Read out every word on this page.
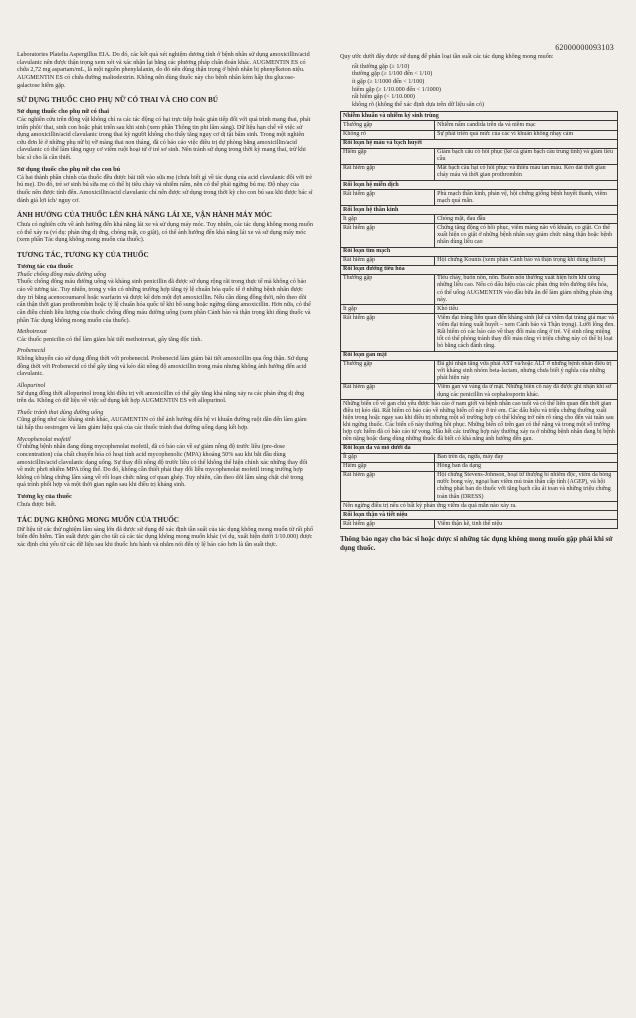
62000000093103

Laboratories Platelia Aspergillus EIA. Do đó, các kết quả xét nghiệm dương tính ở bệnh nhân sử dụng amoxicillin/acid clavulanic nên được thận trọng xem xét và xác nhận lại bằng các phương pháp chẩn đoán khác. AUGMENTIN ES có chứa 2,72 mg aspartam/mL, là một nguồn phenylalanin, do đó nên dùng thận trọng ở bệnh nhân bị phenylketon niệu. AUGMENTIN ES có chứa đường maltodextrin. Không nên dùng thuốc này cho bệnh nhân kém hấp thu glucose-galactose hiếm gặp.

SỬ DỤNG THUỐC CHO PHỤ NỮ CÓ THAI VÀ CHO CON BÚ
Sử dụng thuốc cho phụ nữ có thai

Các nghiên cứu trên động vật không chỉ ra các tác động có hại trực tiếp hoặc gián tiếp đối với quá trình mang thai, phát triển phôi/ thai, sinh con hoặc phát triển sau khi sinh (xem phần Thông tin phi lâm sàng). Dữ liệu hạn chế về việc sử dụng amoxicillin/acid clavulanic trong thai kỳ người không cho thấy tăng nguy cơ dị tật bẩm sinh. Trong một nghiên cứu đơn lẻ ở những phụ nữ bị vỡ màng thai non tháng, đã có báo cáo việc điều trị dự phòng bằng amoxicillin/acid clavulanic có thể làm tăng nguy cơ viêm ruột hoại tử ở trẻ sơ sinh. Nên tránh sử dụng trong thời kỳ mang thai, trừ khi bác sĩ cho là cần thiết.

Sử dụng thuốc cho phụ nữ cho con bú

Cả hai thành phần chính của thuốc đều được bài tiết vào sữa mẹ (chưa biết gì về tác dụng của acid clavulanic đối với trẻ bú mẹ). Do đó, trẻ sơ sinh bú sữa mẹ có thể bị tiêu chảy và nhiễm nấm, nên có thể phải ngừng bú mẹ. Độ nhạy của thuốc nên được tính đến. Amoxicillin/acid clavulanic chỉ nên được sử dụng trong thời kỳ cho con bú sau khi được bác sĩ đánh giá lợi ích/ nguy cơ.

ẢNH HƯỞNG CỦA THUỐC LÊN KHẢ NĂNG LÁI XE, VẬN HÀNH MÁY MÓC

Chưa có nghiên cứu về ảnh hưởng đến khả năng lái xe và sử dụng máy móc. Tuy nhiên, các tác dụng không mong muốn có thể xảy ra (ví dụ: phản ứng dị ứng, chóng mặt, co giật), có thể ảnh hưởng đến khả năng lái xe và sử dụng máy móc (xem phần Tác dụng không mong muốn của thuốc).

TƯƠNG TÁC, TƯƠNG KỴ CỦA THUỐC
Tương tác của thuốc
Thuốc chống đông máu đường uống

Thuốc chống đông máu đường uống và kháng sinh penicillin đã được sử dụng rộng rãi trong thực tế mà không có báo cáo về tương tác. Tuy nhiên, trong y văn có những trường hợp tăng tỷ lệ chuẩn hóa quốc tế ở những bệnh nhân được duy trì bằng acenocoumarol hoặc warfarin và được kê đơn một đợt amoxicillin. Nếu cần dùng đồng thời, nên theo dõi cẩn thận thời gian prothrombin hoặc tỷ lệ chuẩn hóa quốc tế khi bổ sung hoặc ngừng dùng amoxicillin. Hơn nữa, có thể cần điều chỉnh liều lượng của thuốc chống đông máu đường uống (xem phần Cảnh báo và thận trọng khi dùng thuốc và phần Tác dụng không mong muốn của thuốc).

Methotrexat

Các thuốc penicilin có thể làm giảm bài tiết methotrexat, gây tăng độc tính.

Probenecid

Không khuyến cáo sử dụng đồng thời với probenecid. Probenecid làm giảm bài tiết amoxicillin qua ống thận. Sử dụng đồng thời với Probenecid có thể gây tăng và kéo dài nồng độ amoxicillin trong máu nhưng không ảnh hưởng đến acid clavulanic.

Allopurinol

Sử dụng đồng thời allopurinol trong khi điều trị với amoxicillin có thể gây tăng khả năng xảy ra các phản ứng dị ứng trên da. Không có dữ liệu về việc sử dụng kết hợp AUGMENTIN ES với allopurinol.

Thuốc tránh thai dùng đường uống

Cũng giống như các kháng sinh khác, AUGMENTIN có thể ảnh hưởng đến hệ vi khuẩn đường ruột dẫn đến làm giảm tái hấp thu oestrogen và làm giảm hiệu quả của các thuốc tránh thai đường uống dạng kết hợp.

Mycophenolat mofetil

Ở những bệnh nhân đang dùng mycophenolat mofetil, đã có báo cáo về sự giảm nồng độ trước liều (pre-dose concentration) của chất chuyển hóa có hoạt tính acid mycophenolic (MPA) khoảng 50% sau khi bắt đầu dùng amoxicillin/acid clavulanic dạng uống. Sự thay đổi nồng độ trước liều có thể không thể hiện chính xác những thay đổi về mức phơi nhiễm MPA tổng thể. Do đó, không cần thiết phải thay đổi liều mycophenolat mofetil trong trường hợp không có bằng chứng lâm sàng về rối loạn chức năng cơ quan ghép. Tuy nhiên, cần theo dõi lâm sàng chặt chẽ trong quá trình phối hợp và một thời gian ngắn sau khi điều trị kháng sinh.

Tương kỵ của thuốc

Chưa được biết.

TÁC DỤNG KHÔNG MONG MUỐN CỦA THUỐC

Dữ liệu từ các thử nghiệm lâm sàng lớn đã được sử dụng để xác định tần suất của tác dụng không mong muốn từ rất phổ biến đến hiếm. Tần suất được gán cho tất cả các tác dụng không mong muốn khác (ví dụ, xuất hiện dưới 1/10.000) được xác định chủ yếu từ các dữ liệu sau khi thuốc lưu hành và nhằm nói đến tỷ lệ báo cáo hơn là tần suất thực.

Quy ước dưới đây được sử dụng để phân loại tần suất các tác dụng không mong muốn:

rất thường gặp (≥ 1/10)
thường gặp (≥ 1/100 đến < 1/10)
ít gặp (≥ 1/1000 đến < 1/100)
hiếm gặp (≥ 1/10.000 đến < 1/1000)
rất hiếm gặp (< 1/10.000)
không rõ (không thể xác định dựa trên dữ liệu sẵn có)
Nhiễm khuẩn và nhiễm ký sinh trùng	
Thường gặp	Nhiễm nấm candida trên da và niêm mạc
Không rõ	Sự phát triển quá mức của các vi khuẩn không nhạy cảm
Rối loạn hệ máu và bạch huyết	
Hiếm gặp	Giảm bạch cầu có hồi phục (kể cả giảm bạch cầu trung tính) và giảm tiểu cầu
Rất hiếm gặp	Mất bạch cầu hạt có hồi phục và thiếu máu tan máu. Kéo dài thời gian chảy máu và thời gian prothrombin
Rối loạn hệ miễn dịch	
Rất hiếm gặp	Phù mạch thần kinh, phản vệ, hội chứng giống bệnh huyết thanh, viêm mạch quá mẫn.
Rối loạn hệ thần kinh	
Ít gặp	Chóng mặt, đau đầu
Rất hiếm gặp	Chứng tăng động có hồi phục, viêm màng não vô khuẩn, co giật. Co thể xuất hiện co giật ở những bệnh nhân suy giảm chức năng thận hoặc bệnh nhân dùng liều cao
Rối loạn tim mạch	
Rất hiếm gặp	Hội chứng Kounis (xem phần Cảnh báo và thận trọng khi dùng thuốc)
Rối loạn đường tiêu hóa	
Thường gặp	Tiêu chảy, buồn nôn, nôn. Buồn nôn thường xuất hiện hơn khi uống những liều cao. Nếu có dấu hiệu của các phản ứng trên đường tiêu hóa, có thể uống AUGMENTIN vào đầu bữa ăn để làm giảm những phản ứng này.
Ít gặp	Khó tiêu
Rất hiếm gặp	Viêm đại tràng liên quan đến kháng sinh (kể cả viêm đại tràng giả mạc và viêm đại tràng xuất huyết – xem Cảnh báo và Thận trọng). Lưỡi lông đen. Rất hiếm có các báo cáo về thay đổi màu răng ở trẻ. Vệ sinh răng miệng tốt có thể phòng tránh thay đổi màu răng vì triệu chứng này có thể bị loại bỏ bằng cách đánh răng.
Rối loạn gan mật	
Thường gặp	Đã ghi nhận tăng vừa phải AST và/hoặc ALT ở những bệnh nhân điều trị với kháng sinh nhóm beta-lactam, nhưng chưa biết ý nghĩa của những phát hiện này
Rất hiếm gặp	Viêm gan và vàng da ứ mật. Những biến cố này đã được ghi nhận khi sử dụng các penicillin và cephalosporin khác.
Những biến cố về gan chủ yếu được báo cáo ở nam giới và bệnh nhân cao tuổi và có thể liên quan đến thời gian điều trị kéo dài. Rất hiếm có báo cáo về những biến cố này ở trẻ em. Các dấu hiệu và triệu chứng thường xuất hiện trong hoặc ngay sau khi điều trị nhưng một số trường hợp có thể không trở nên rõ ràng cho đến vài tuần sau khi ngừng thuốc. Các biến cố này thường hồi phục. Những biến cố trên gan có thể nặng và trong một số trường hợp cực hiếm đã có báo cáo tử vong. Hầu hết các trường hợp này thường xảy ra ở những bệnh nhân đang bị bệnh nền nặng hoặc đang dùng những thuốc đã biết có khả năng ảnh hưởng đến gan.	
Rối loạn da và mô dưới da	
Ít gặp	Ban trên da, ngứa, mày đay
Hiếm gặp	Hồng ban đa dạng
Rất hiếm gặp	Hội chứng Stevens-Johnson, hoại tử thượng bì nhiễm độc, viêm da bóng nước bong vảy, ngoại ban viêm mủ toàn thân cấp tính (AGEP), và hội chứng phát ban do thuốc với tăng bạch cầu ái toan và những triệu chứng toàn thân (DRESS)
Nên ngừng điều trị nếu có bất kỳ phản ứng viêm da quá mẫn nào xảy ra.	
Rối loạn thận và tiết niệu	
Rất hiếm gặp	Viêm thận kẽ, tinh thể niệu
Thông báo ngay cho bác sĩ hoặc dược sĩ những tác dụng không mong muốn gặp phải khi sử dụng thuốc.
